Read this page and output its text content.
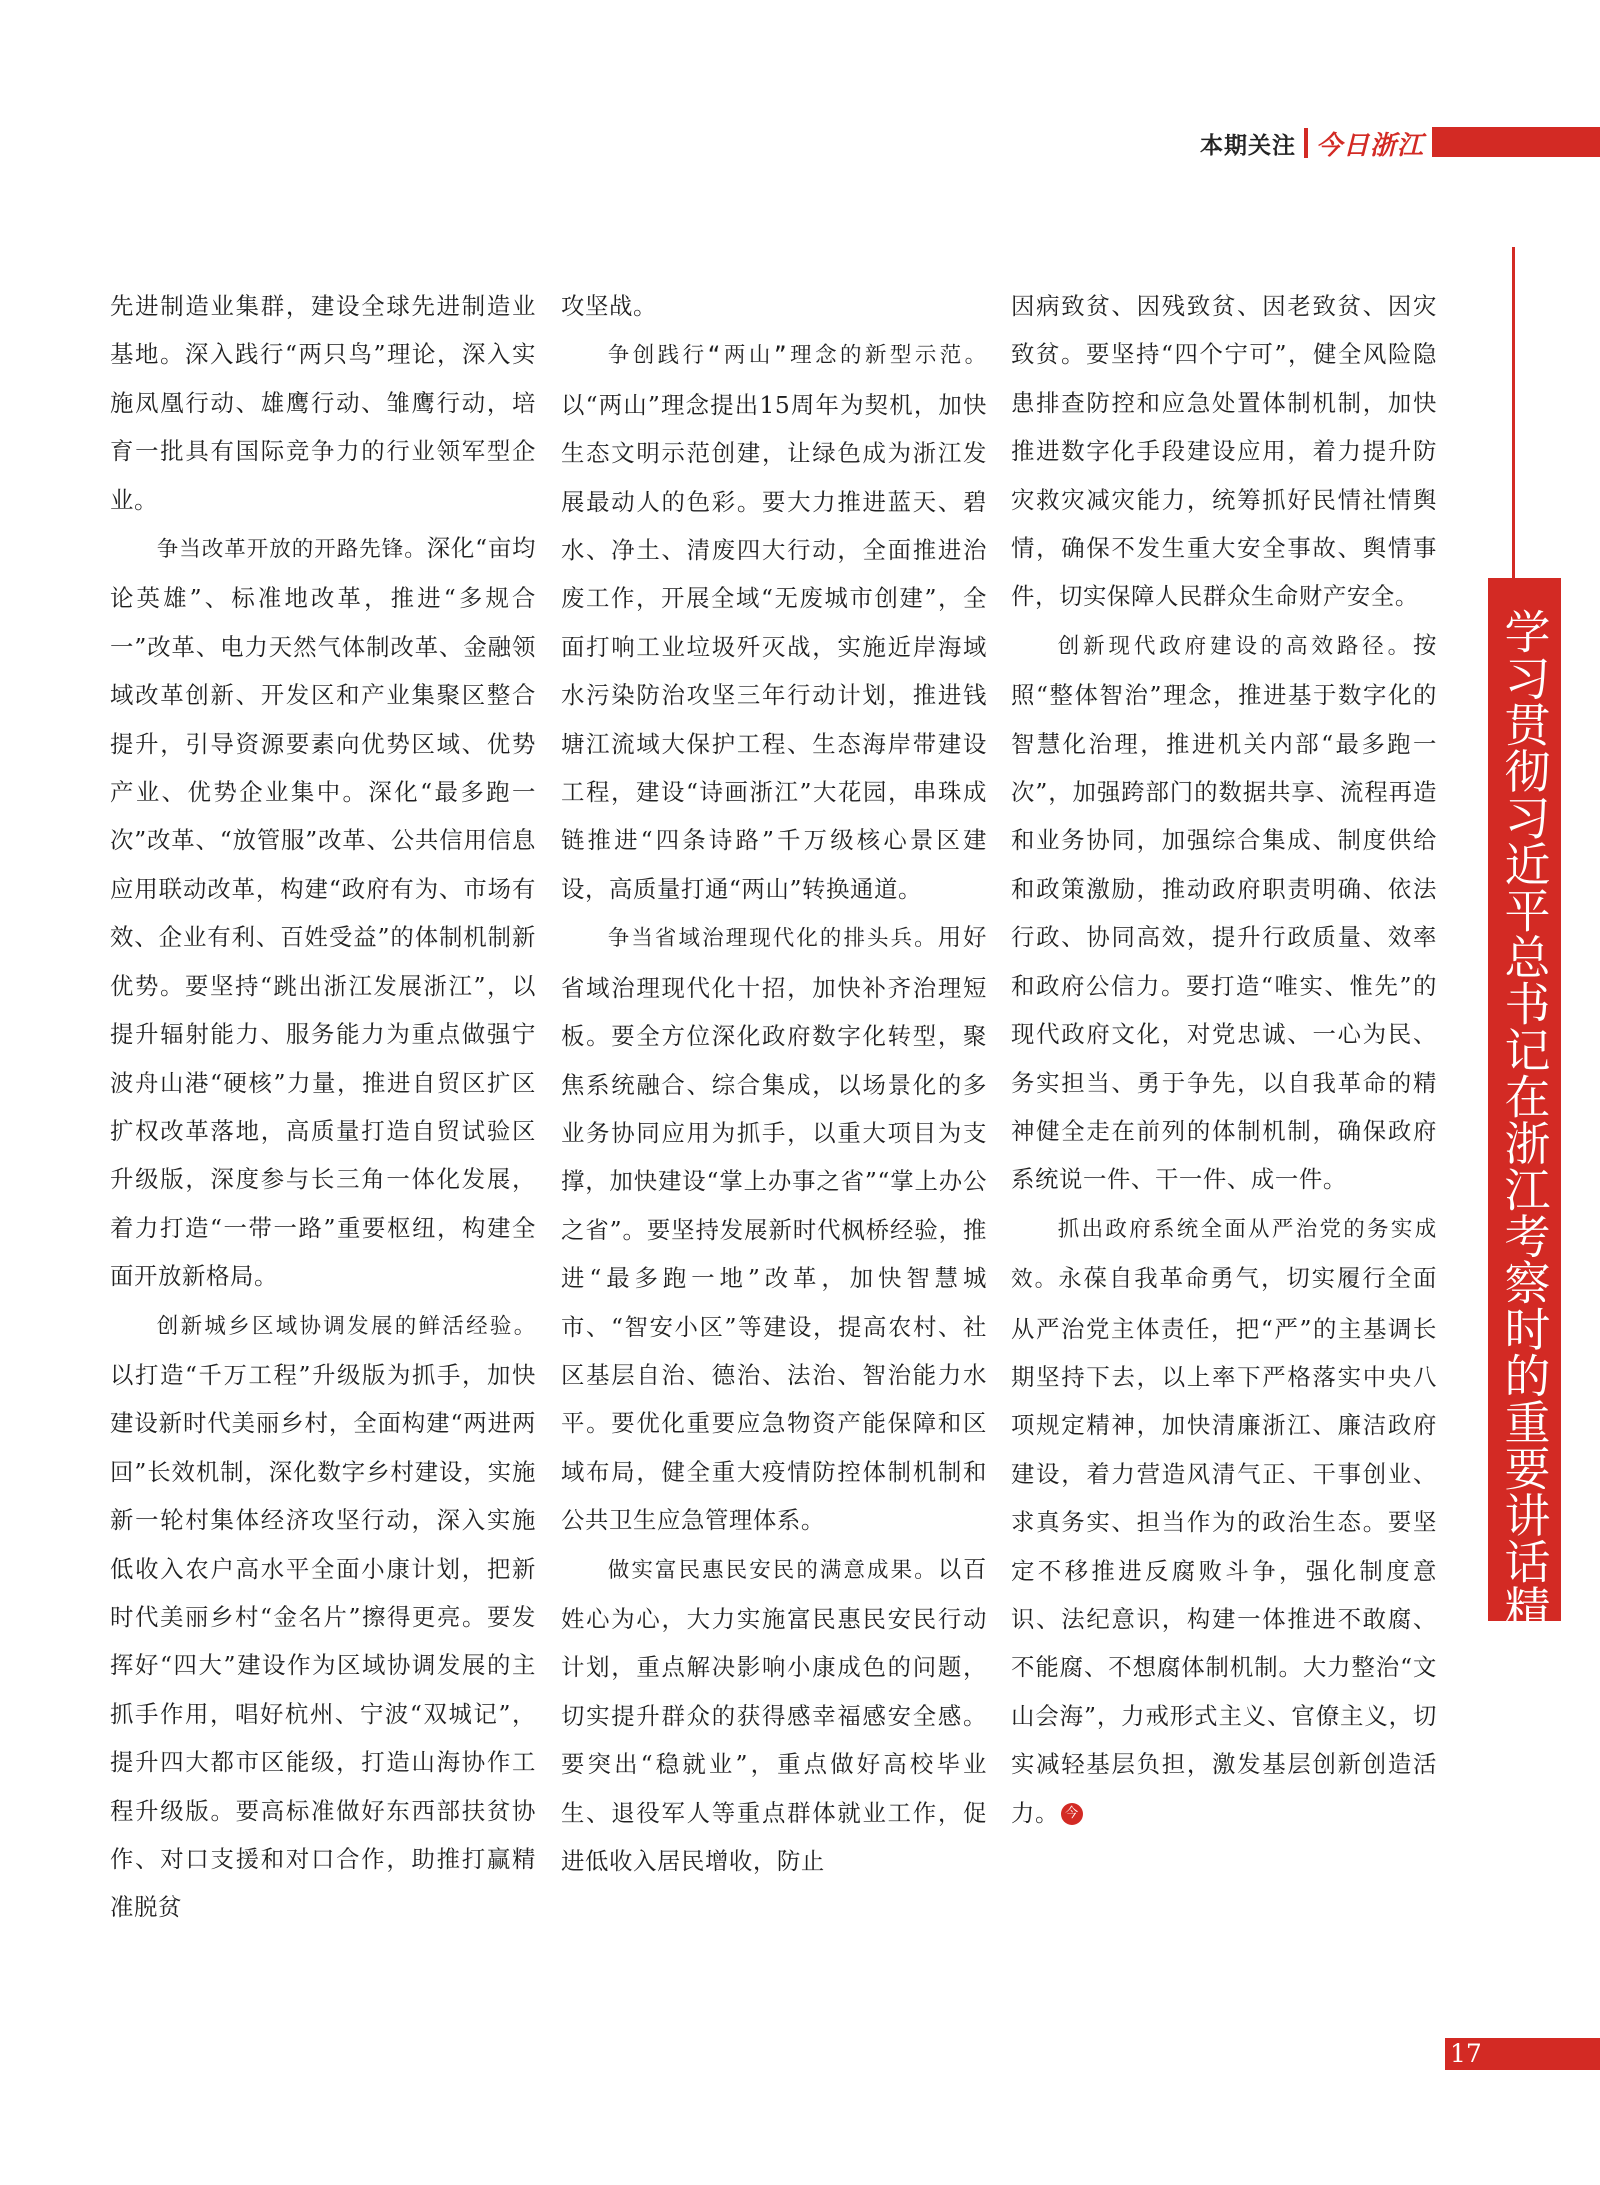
本期关注 今日浙江
学习贯彻习近平总书记在浙江考察时的重要讲话精神

先进制造业集群，建设全球先进制造业基地。深入践行“两只鸟”理论，深入实施凤凰行动、雄鹰行动、雏鹰行动，培育一批具有国际竞争力的行业领军型企业。

争当改革开放的开路先锋。深化“亩均论英雄”、标准地改革，推进“多规合一”改革、电力天然气体制改革、金融领域改革创新、开发区和产业集聚区整合提升，引导资源要素向优势区域、优势产业、优势企业集中。深化“最多跑一次”改革、“放管服”改革、公共信用信息应用联动改革，构建“政府有为、市场有效、企业有利、百姓受益”的体制机制新优势。要坚持“跳出浙江发展浙江”，以提升辐射能力、服务能力为重点做强宁波舟山港“硬核”力量，推进自贸区扩区扩权改革落地，高质量打造自贸试验区升级版，深度参与长三角一体化发展，着力打造“一带一路”重要枢纽，构建全面开放新格局。

创新城乡区域协调发展的鲜活经验。以打造“千万工程”升级版为抓手，加快建设新时代美丽乡村，全面构建“两进两回”长效机制，深化数字乡村建设，实施新一轮村集体经济攻坚行动，深入实施低收入农户高水平全面小康计划，把新时代美丽乡村“金名片”擦得更亮。要发挥好“四大”建设作为区域协调发展的主抓手作用，唱好杭州、宁波“双城记”，提升四大都市区能级，打造山海协作工程升级版。要高标准做好东西部扶贫协作、对口支援和对口合作，助推打赢精准脱贫

攻坚战。

争创践行“两山”理念的新型示范。以“两山”理念提出15周年为契机，加快生态文明示范创建，让绿色成为浙江发展最动人的色彩。要大力推进蓝天、碧水、净土、清废四大行动，全面推进治废工作，开展全域“无废城市创建”，全面打响工业垃圾歼灭战，实施近岸海域水污染防治攻坚三年行动计划，推进钱塘江流域大保护工程、生态海岸带建设工程，建设“诗画浙江”大花园，串珠成链推进“四条诗路”千万级核心景区建设，高质量打通“两山”转换通道。

争当省域治理现代化的排头兵。用好省域治理现代化十招，加快补齐治理短板。要全方位深化政府数字化转型，聚焦系统融合、综合集成，以场景化的多业务协同应用为抓手，以重大项目为支撑，加快建设“掌上办事之省”“掌上办公之省”。要坚持发展新时代枫桥经验，推进“最多跑一地”改革，加快智慧城市、“智安小区”等建设，提高农村、社区基层自治、德治、法治、智治能力水平。要优化重要应急物资产能保障和区域布局，健全重大疫情防控体制机制和公共卫生应急管理体系。

做实富民惠民安民的满意成果。以百姓心为心，大力实施富民惠民安民行动计划，重点解决影响小康成色的问题，切实提升群众的获得感幸福感安全感。要突出“稳就业”，重点做好高校毕业生、退役军人等重点群体就业工作，促进低收入居民增收，防止

因病致贫、因残致贫、因老致贫、因灾致贫。要坚持“四个宁可”，健全风险隐患排查防控和应急处置体制机制，加快推进数字化手段建设应用，着力提升防灾救灾减灾能力，统筹抓好民情社情舆情，确保不发生重大安全事故、舆情事件，切实保障人民群众生命财产安全。

创新现代政府建设的高效路径。按照“整体智治”理念，推进基于数字化的智慧化治理，推进机关内部“最多跑一次”，加强跨部门的数据共享、流程再造和业务协同，加强综合集成、制度供给和政策激励，推动政府职责明确、依法行政、协同高效，提升行政质量、效率和政府公信力。要打造“唯实、惟先”的现代政府文化，对党忠诚、一心为民、务实担当、勇于争先，以自我革命的精神健全走在前列的体制机制，确保政府系统说一件、干一件、成一件。

抓出政府系统全面从严治党的务实成效。永葆自我革命勇气，切实履行全面从严治党主体责任，把“严”的主基调长期坚持下去，以上率下严格落实中央八项规定精神，加快清廉浙江、廉洁政府建设，着力营造风清气正、干事创业、求真务实、担当作为的政治生态。要坚定不移推进反腐败斗争，强化制度意识、法纪意识，构建一体推进不敢腐、不能腐、不想腐体制机制。大力整治“文山会海”，力戒形式主义、官僚主义，切实减轻基层负担，激发基层创新创造活力。 今

17
